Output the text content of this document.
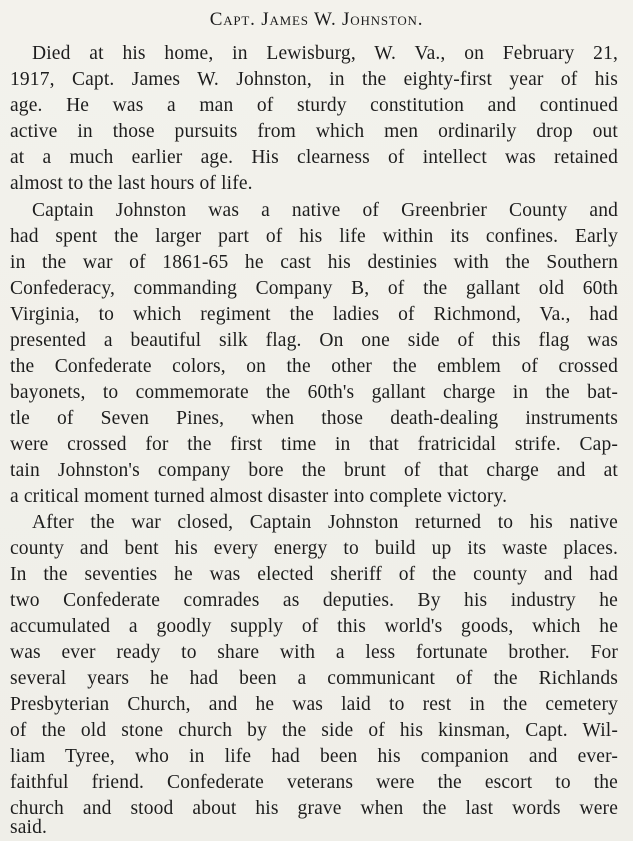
Capt. James W. Johnston.
Died at his home, in Lewisburg, W. Va., on February 21,
1917, Capt. James W. Johnston, in the eighty-first year of his
age. He was a man of sturdy constitution and continued
active in those pursuits from which men ordinarily drop out
at a much earlier age. His clearness of intellect was retained
almost to the last hours of life.
Captain Johnston was a native of Greenbrier County and
had spent the larger part of his life within its confines. Early
in the war of 1861-65 he cast his destinies with the Southern
Confederacy, commanding Company B, of the gallant old 60th
Virginia, to which regiment the ladies of Richmond, Va., had
presented a beautiful silk flag. On one side of this flag was
the Confederate colors, on the other the emblem of crossed
bayonets, to commemorate the 60th's gallant charge in the bat-
tle of Seven Pines, when those death-dealing instruments
were crossed for the first time in that fratricidal strife. Cap-
tain Johnston's company bore the brunt of that charge and at
a critical moment turned almost disaster into complete victory.
After the war closed, Captain Johnston returned to his native
county and bent his every energy to build up its waste places.
In the seventies he was elected sheriff of the county and had
two Confederate comrades as deputies. By his industry he
accumulated a goodly supply of this world's goods, which he
was ever ready to share with a less fortunate brother. For
several years he had been a communicant of the Richlands
Presbyterian Church, and he was laid to rest in the cemetery
of the old stone church by the side of his kinsman, Capt. Wil-
liam Tyree, who in life had been his companion and ever-
faithful friend. Confederate veterans were the escort to the
church and stood about his grave when the last words were
said.
